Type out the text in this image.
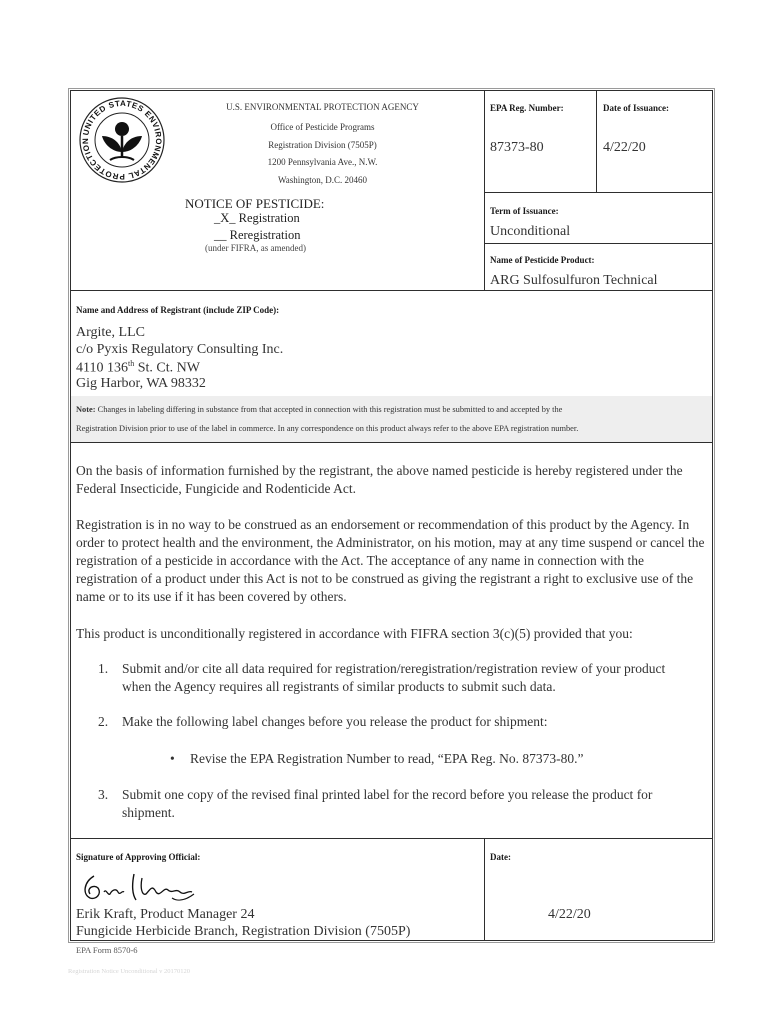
UNITED STATES ENVIRONMENTAL PROTECTION
U.S. ENVIRONMENTAL PROTECTION AGENCY
Office of Pesticide Programs
Registration Division (7505P)
1200 Pennsylvania Ave., N.W.
Washington, D.C. 20460
NOTICE OF PESTICIDE:
_X_ Registration
__ Reregistration
(under FIFRA, as amended)
EPA Reg. Number:
87373-80
Date of Issuance:
4/22/20
Term of Issuance:
Unconditional
Name of Pesticide Product:
ARG Sulfosulfuron Technical
Name and Address of Registrant (include ZIP Code):
Argite, LLC
c/o Pyxis Regulatory Consulting Inc.
4110 136th St. Ct. NW
Gig Harbor, WA 98332
Note: Changes in labeling differing in substance from that accepted in connection with this registration must be submitted to and accepted by the
Registration Division prior to use of the label in commerce. In any correspondence on this product always refer to the above EPA registration number.
On the basis of information furnished by the registrant, the above named pesticide is hereby registered under the Federal Insecticide, Fungicide and Rodenticide Act.
Registration is in no way to be construed as an endorsement or recommendation of this product by the Agency. In order to protect health and the environment, the Administrator, on his motion, may at any time suspend or cancel the registration of a pesticide in accordance with the Act. The acceptance of any name in connection with the registration of a product under this Act is not to be construed as giving the registrant a right to exclusive use of the name or to its use if it has been covered by others.
This product is unconditionally registered in accordance with FIFRA section 3(c)(5) provided that you:
1. Submit and/or cite all data required for registration/reregistration/registration review of your product when the Agency requires all registrants of similar products to submit such data.
2. Make the following label changes before you release the product for shipment:
• Revise the EPA Registration Number to read, “EPA Reg. No. 87373-80.”
3. Submit one copy of the revised final printed label for the record before you release the product for shipment.
Signature of Approving Official:
Erik Kraft, Product Manager 24
Fungicide Herbicide Branch, Registration Division (7505P)
Date:
4/22/20
EPA Form 8570-6
Registration Notice Unconditional v 20170120
